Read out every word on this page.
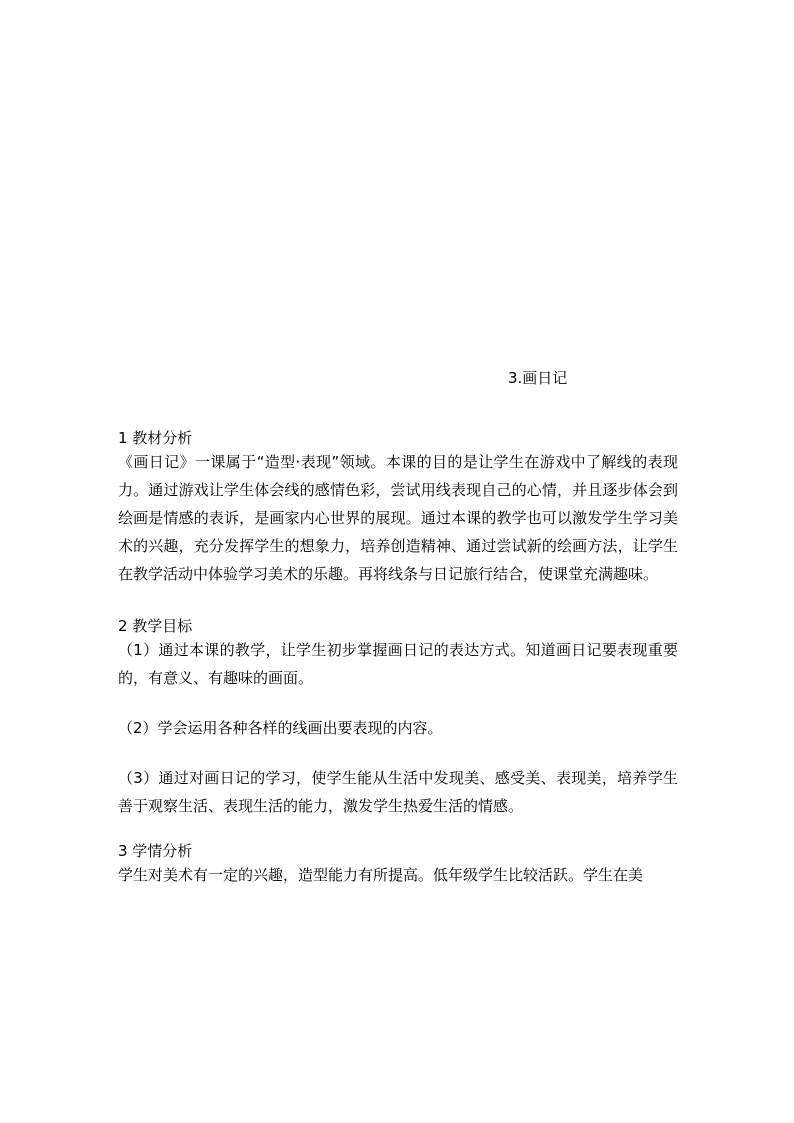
3.画日记

1 教材分析

《画日记》一课属于“造型·表现”领域。本课的目的是让学生在游戏中了解线的表现力。通过游戏让学生体会线的感情色彩，尝试用线表现自己的心情，并且逐步体会到绘画是情感的表诉，是画家内心世界的展现。通过本课的教学也可以激发学生学习美术的兴趣，充分发挥学生的想象力，培养创造精神、通过尝试新的绘画方法，让学生在教学活动中体验学习美术的乐趣。再将线条与日记旅行结合，使课堂充满趣味。

2 教学目标

（1）通过本课的教学，让学生初步掌握画日记的表达方式。知道画日记要表现重要的，有意义、有趣味的画面。

（2）学会运用各种各样的线画出要表现的内容。

（3）通过对画日记的学习，使学生能从生活中发现美、感受美、表现美，培养学生善于观察生活、表现生活的能力，激发学生热爱生活的情感。

3 学情分析

学生对美术有一定的兴趣，造型能力有所提高。低年级学生比较活跃。学生在美
